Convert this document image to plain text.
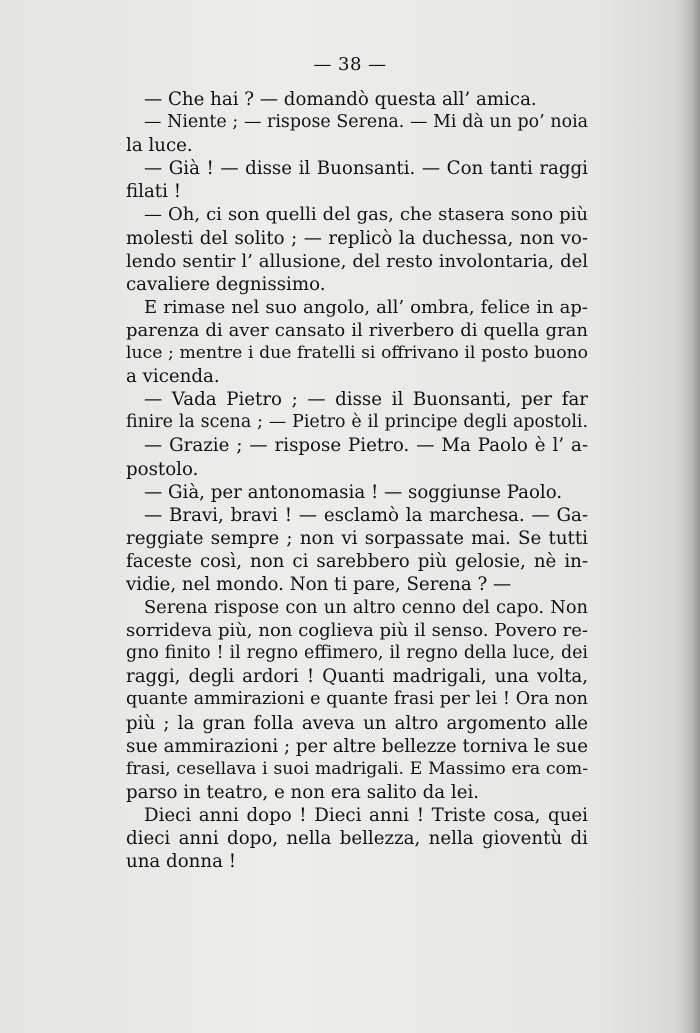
— 38 —
— Che hai ? — domandò questa all’ amica.
— Niente ; — rispose Serena. — Mi dà un po’ noia
la luce.
— Già ! — disse il Buonsanti. — Con tanti raggi
filati !
— Oh, ci son quelli del gas, che stasera sono più
molesti del solito ; — replicò la duchessa, non vo-
lendo sentir l’ allusione, del resto involontaria, del
cavaliere degnissimo.
E rimase nel suo angolo, all’ ombra, felice in ap-
parenza di aver cansato il riverbero di quella gran
luce ; mentre i due fratelli si offrivano il posto buono
a vicenda.
— Vada Pietro ; — disse il Buonsanti, per far
finire la scena ; — Pietro è il principe degli apostoli.
— Grazie ; — rispose Pietro. — Ma Paolo è l’ a-
postolo.
— Già, per antonomasia ! — soggiunse Paolo.
— Bravi, bravi ! — esclamò la marchesa. — Ga-
reggiate sempre ; non vi sorpassate mai. Se tutti
faceste così, non ci sarebbero più gelosie, nè in-
vidie, nel mondo. Non ti pare, Serena ? —
Serena rispose con un altro cenno del capo. Non
sorrideva più, non coglieva più il senso. Povero re-
gno finito ! il regno effimero, il regno della luce, dei
raggi, degli ardori ! Quanti madrigali, una volta,
quante ammirazioni e quante frasi per lei ! Ora non
più ; la gran folla aveva un altro argomento alle
sue ammirazioni ; per altre bellezze torniva le sue
frasi, cesellava i suoi madrigali. E Massimo era com-
parso in teatro, e non era salito da lei.
Dieci anni dopo ! Dieci anni ! Triste cosa, quei
dieci anni dopo, nella bellezza, nella gioventù di
una donna !
